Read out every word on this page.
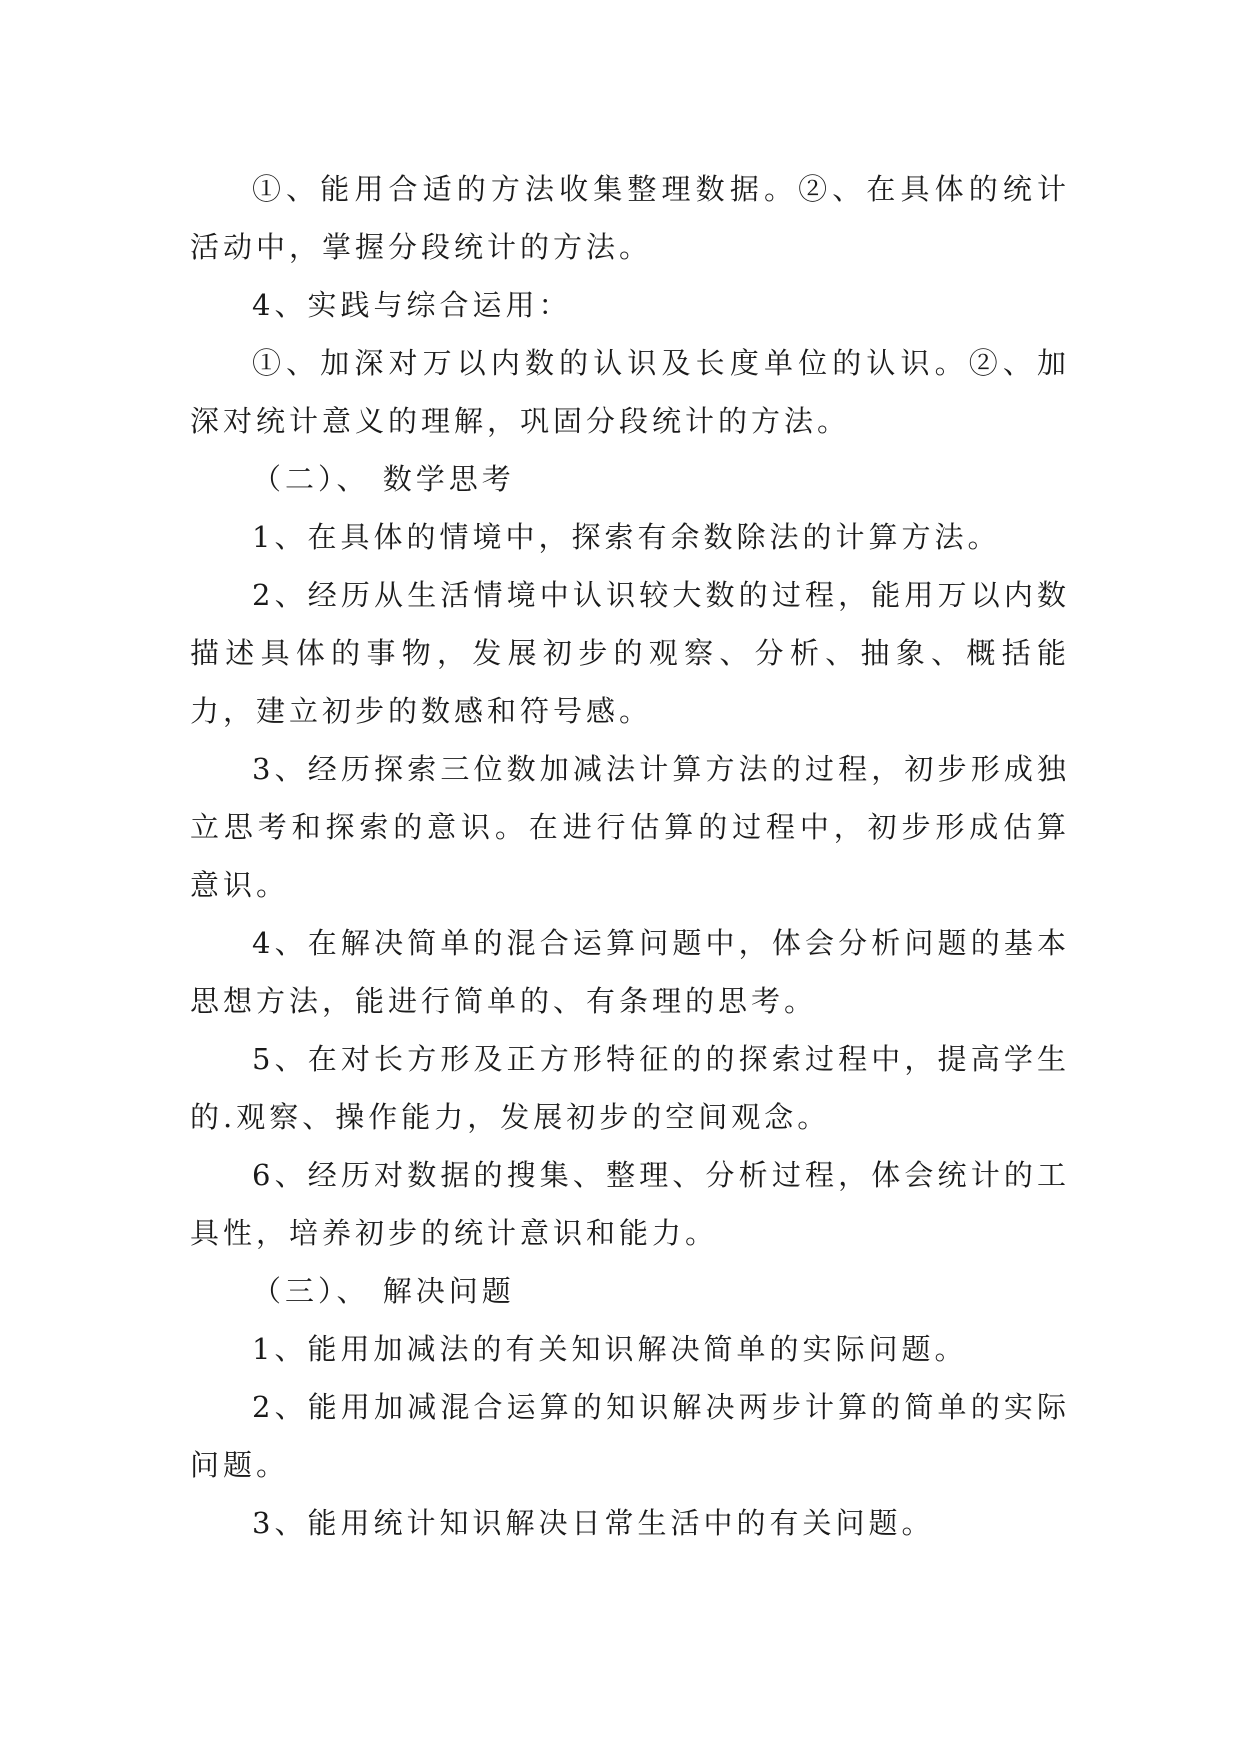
①、能用合适的方法收集整理数据。②、在具体的统计活动中，掌握分段统计的方法。

4、实践与综合运用：

①、加深对万以内数的认识及长度单位的认识。②、加深对统计意义的理解，巩固分段统计的方法。

（二）、 数学思考

1、在具体的情境中，探索有余数除法的计算方法。

2、经历从生活情境中认识较大数的过程，能用万以内数描述具体的事物，发展初步的观察、分析、抽象、概括能力，建立初步的数感和符号感。

3、经历探索三位数加减法计算方法的过程，初步形成独立思考和探索的意识。在进行估算的过程中，初步形成估算意识。

4、在解决简单的混合运算问题中，体会分析问题的基本思想方法，能进行简单的、有条理的思考。

5、在对长方形及正方形特征的的探索过程中，提高学生的.观察、操作能力，发展初步的空间观念。

6、经历对数据的搜集、整理、分析过程，体会统计的工具性，培养初步的统计意识和能力。

（三）、 解决问题

1、能用加减法的有关知识解决简单的实际问题。

2、能用加减混合运算的知识解决两步计算的简单的实际问题。

3、能用统计知识解决日常生活中的有关问题。
